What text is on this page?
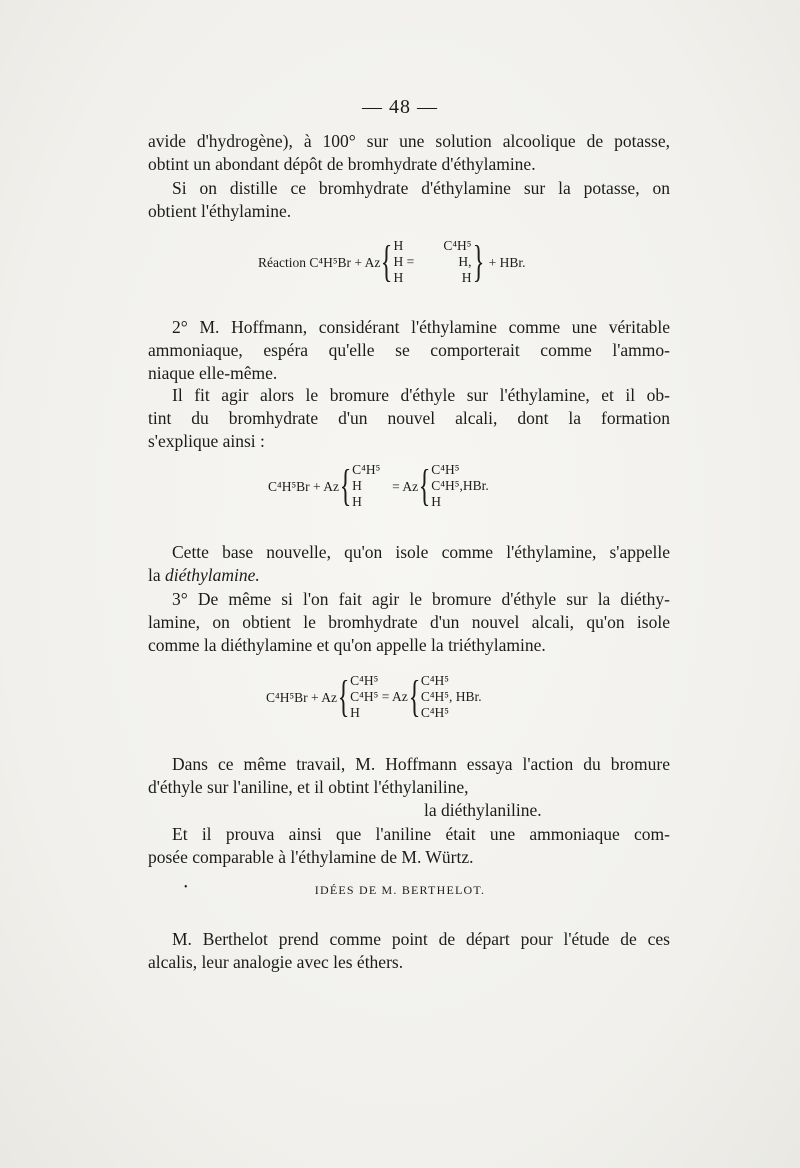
— 48 —
avide d'hydrogène), à 100° sur une solution alcoolique de potasse,
obtint un abondant dépôt de bromhydrate d'éthylamine.
Si on distille ce bromhydrate d'éthylamine sur la potasse, on
obtient l'éthylamine.
Réaction C⁴H⁵Br + Az { H
H =
H
C⁴H⁵
H,
H } + HBr.
2° M. Hoffmann, considérant l'éthylamine comme une véritable
ammoniaque, espéra qu'elle se comporterait comme l'ammo-
niaque elle-même.
Il fit agir alors le bromure d'éthyle sur l'éthylamine, et il ob-
tint du bromhydrate d'un nouvel alcali, dont la formation
s'explique ainsi :
C⁴H⁵Br + Az { C⁴H⁵
H
H
= Az { C⁴H⁵
C⁴H⁵,HBr.
H
Cette base nouvelle, qu'on isole comme l'éthylamine, s'appelle
la diéthylamine.
3° De même si l'on fait agir le bromure d'éthyle sur la diéthy-
lamine, on obtient le bromhydrate d'un nouvel alcali, qu'on isole
comme la diéthylamine et qu'on appelle la triéthylamine.
C⁴H⁵Br + Az { C⁴H⁵
C⁴H⁵ = Az
H	{ C⁴H⁵
C⁴H⁵, HBr.
C⁴H⁵
Dans ce même travail, M. Hoffmann essaya l'action du bromure
d'éthyle sur l'aniline, et il obtint l'éthylaniline,
la diéthylaniline.
Et il prouva ainsi que l'aniline était une ammoniaque com-
posée comparable à l'éthylamine de M. Würtz.
•	IDÉES DE M. BERTHELOT.
M. Berthelot prend comme point de départ pour l'étude de ces
alcalis, leur analogie avec les éthers.
